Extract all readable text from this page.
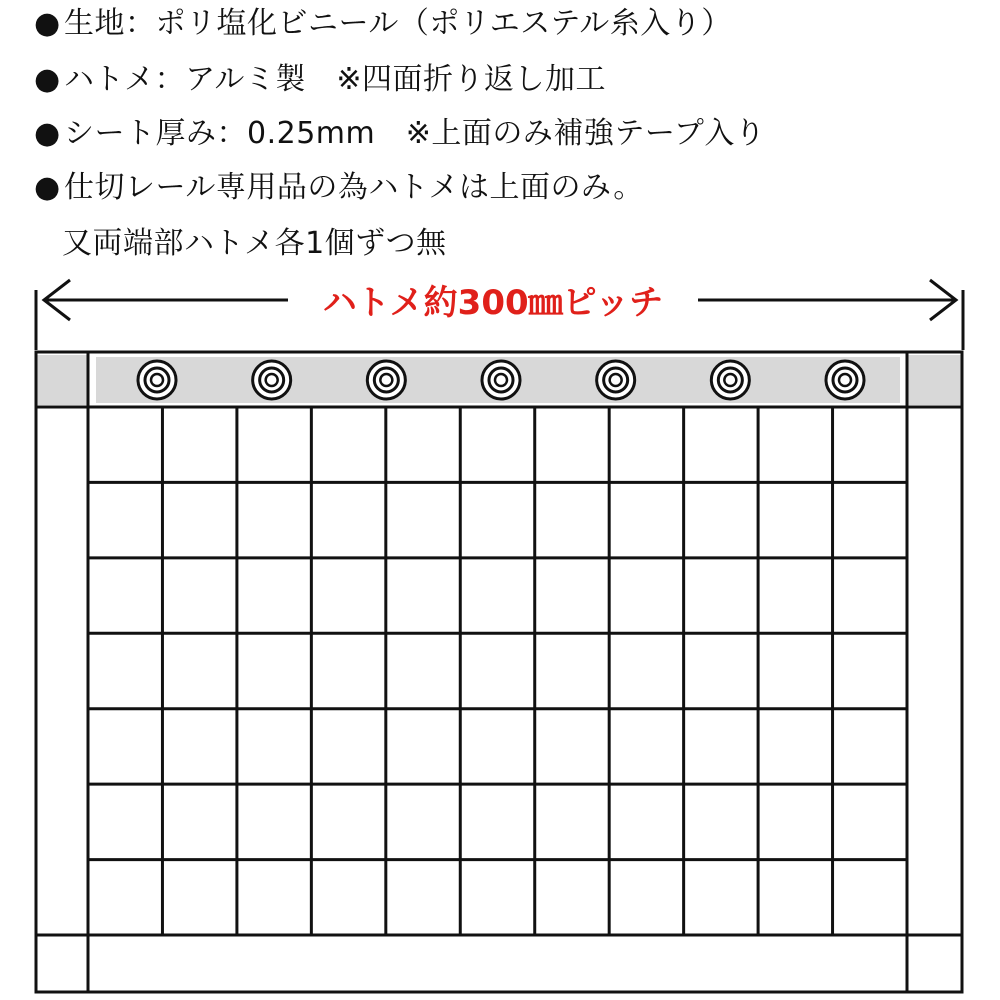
● 生地：ポリ塩化ビニール（ポリエステル糸入り）
● ハトメ：アルミ製　※四面折り返し加工
● シート厚み：0.25mm　※上面のみ補強テープ入り
● 仕切レール専用品の為ハトメは上面のみ。
又両端部ハトメ各1個ずつ無
ハトメ約300㎜ピッチ
